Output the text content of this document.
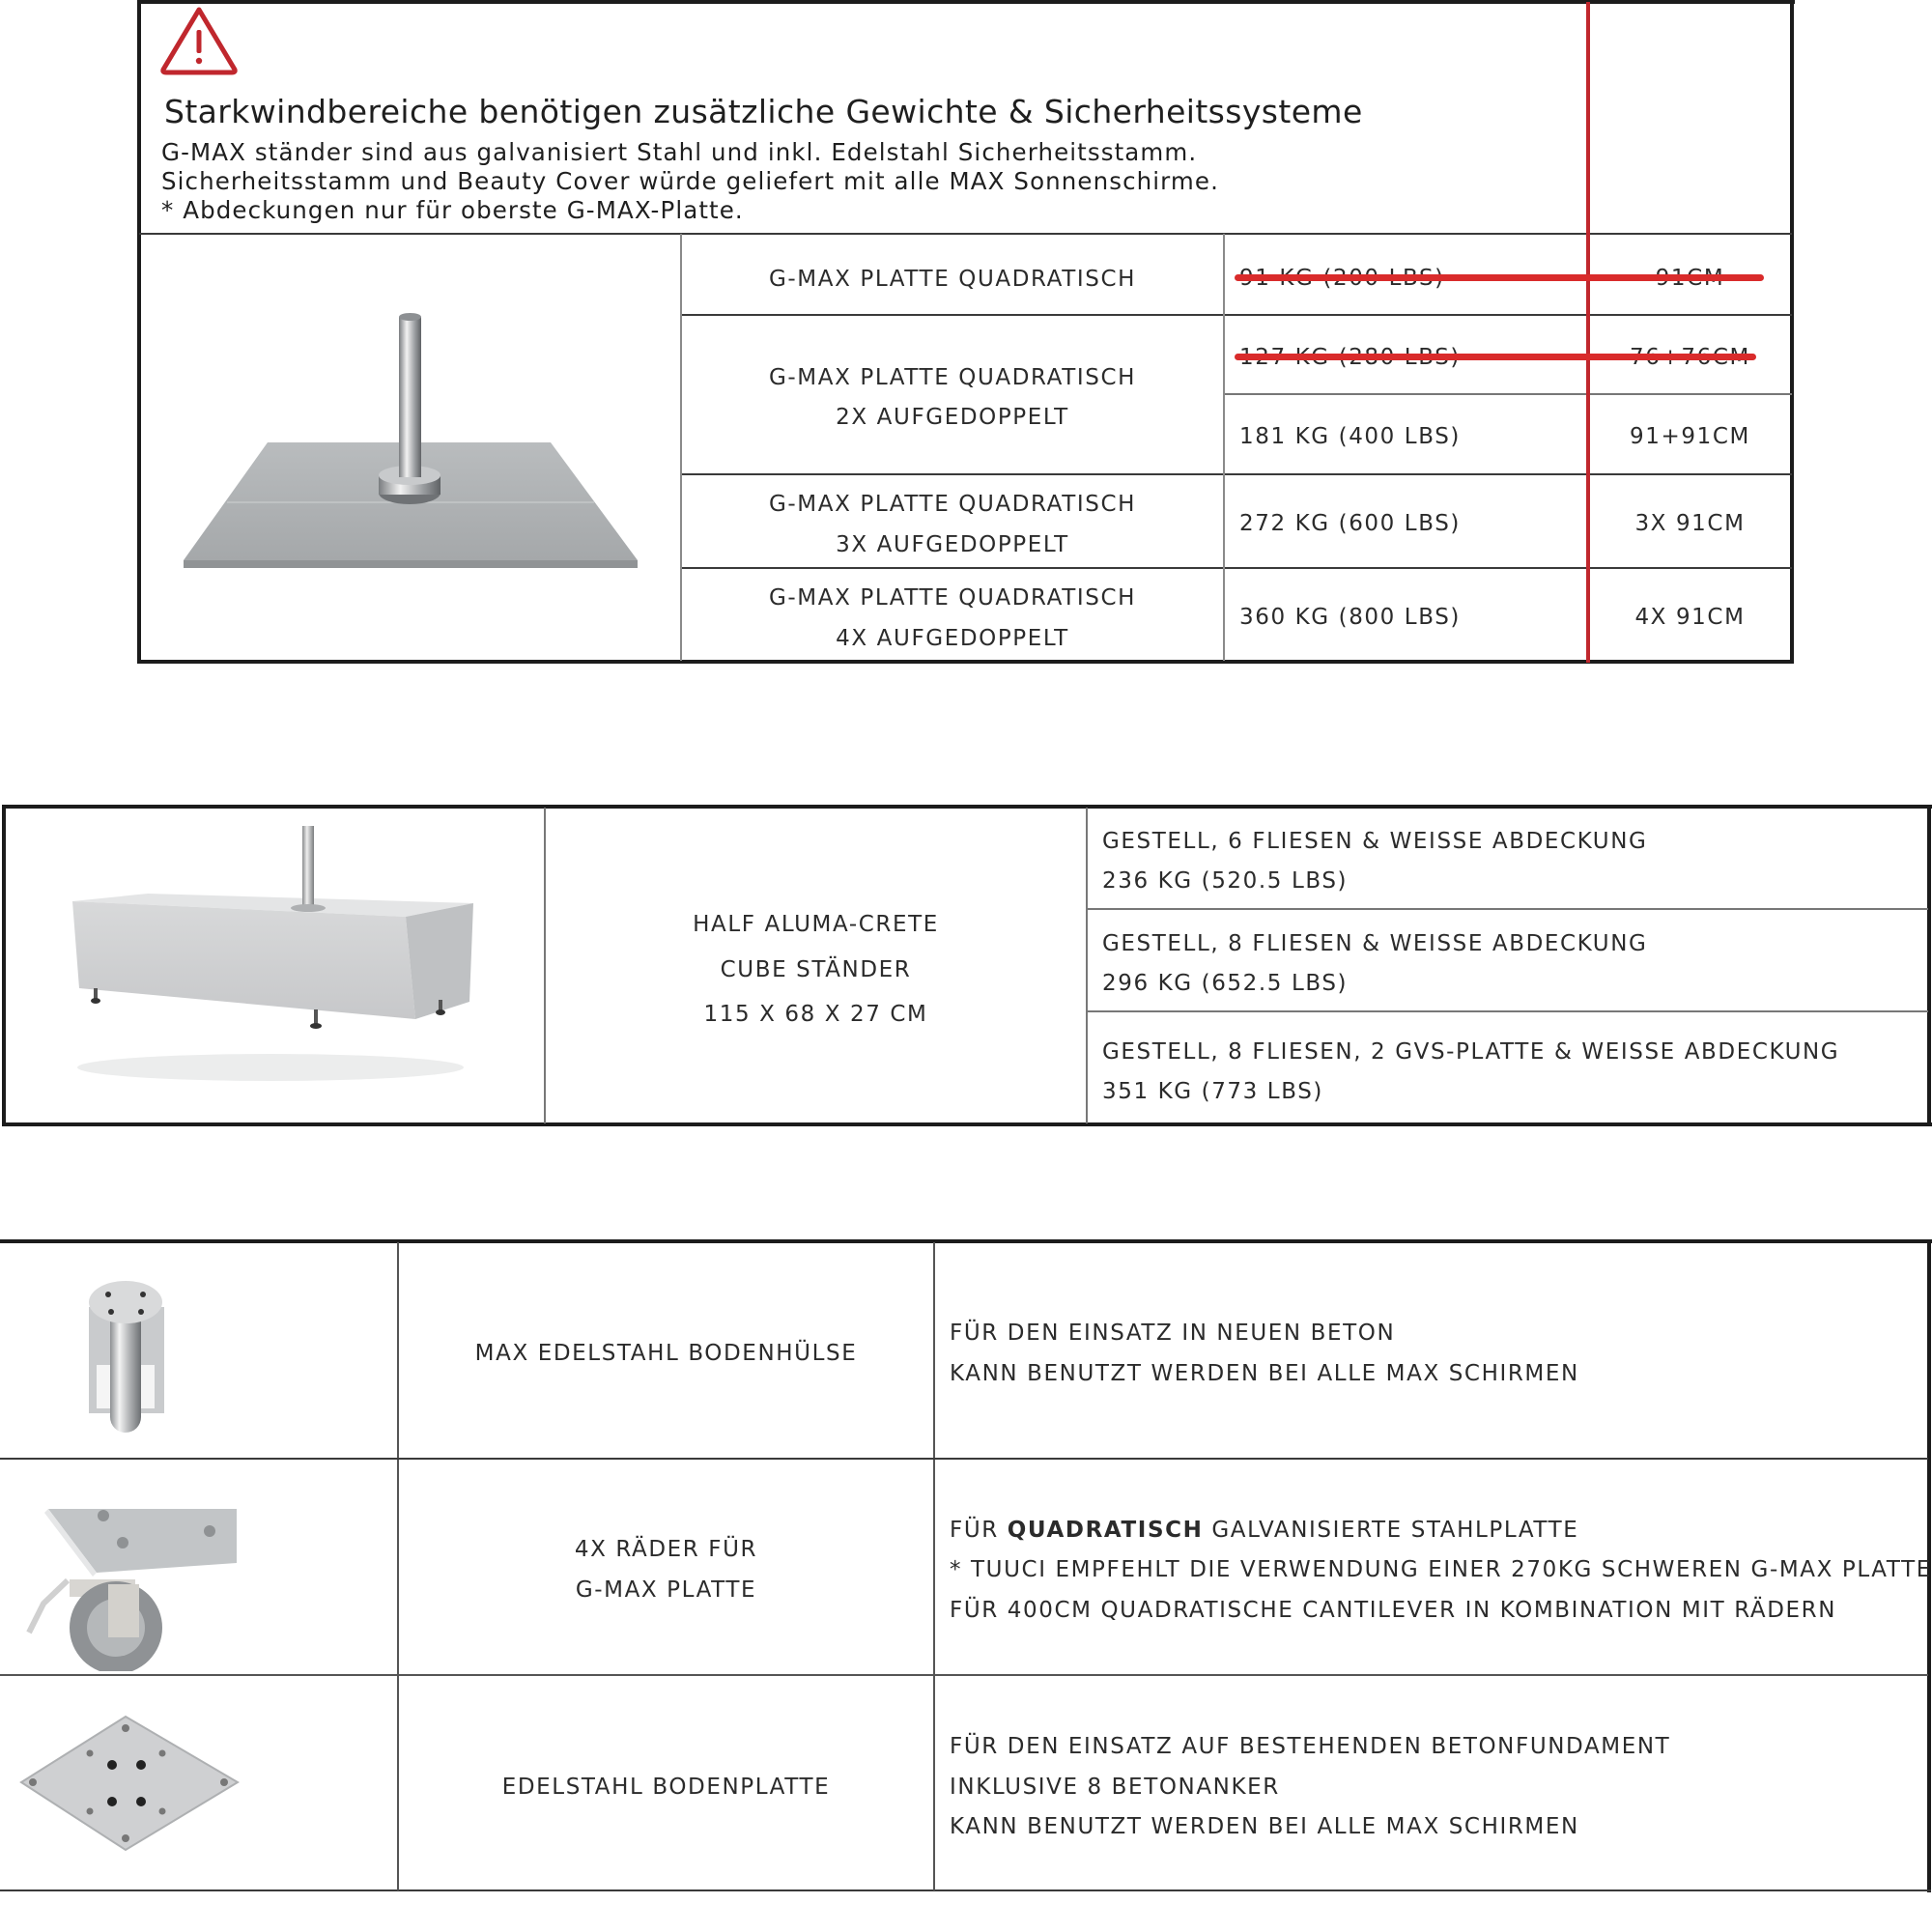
Starkwindbereiche benötigen zusätzliche Gewichte & Sicherheitssysteme
G-MAX ständer sind aus galvanisiert Stahl und inkl. Edelstahl Sicherheitsstamm.
Sicherheitsstamm und Beauty Cover würde geliefert mit alle MAX Sonnenschirme.
* Abdeckungen nur für oberste G-MAX-Platte.
G-MAX PLATTE QUADRATISCH
G-MAX PLATTE QUADRATISCH
2X AUFGEDOPPELT
G-MAX PLATTE QUADRATISCH
3X AUFGEDOPPELT
G-MAX PLATTE QUADRATISCH
4X AUFGEDOPPELT
181 KG (400 LBS)
272 KG (600 LBS)
360 KG (800 LBS)
91+91CM
3X 91CM
4X 91CM
HALF ALUMA-CRETE
CUBE STÄNDER
115 X 68 X 27 CM
GESTELL, 6 FLIESEN & WEISSE ABDECKUNG
236 KG (520.5 LBS)
GESTELL, 8 FLIESEN & WEISSE ABDECKUNG
296 KG (652.5 LBS)
GESTELL, 8 FLIESEN, 2 GVS-PLATTE & WEISSE ABDECKUNG
351 KG (773 LBS)
MAX EDELSTAHL BODENHÜLSE
4X RÄDER FÜR
G-MAX PLATTE
EDELSTAHL BODENPLATTE
FÜR DEN EINSATZ IN NEUEN BETON
KANN BENUTZT WERDEN BEI ALLE MAX SCHIRMEN
FÜR QUADRATISCH GALVANISIERTE STAHLPLATTE
* TUUCI EMPFEHLT DIE VERWENDUNG EINER 270KG SCHWEREN G-MAX PLATTE
FÜR 400CM QUADRATISCHE CANTILEVER IN KOMBINATION MIT RÄDERN
FÜR DEN EINSATZ AUF BESTEHENDEN BETONFUNDAMENT
INKLUSIVE 8 BETONANKER
KANN BENUTZT WERDEN BEI ALLE MAX SCHIRMEN
